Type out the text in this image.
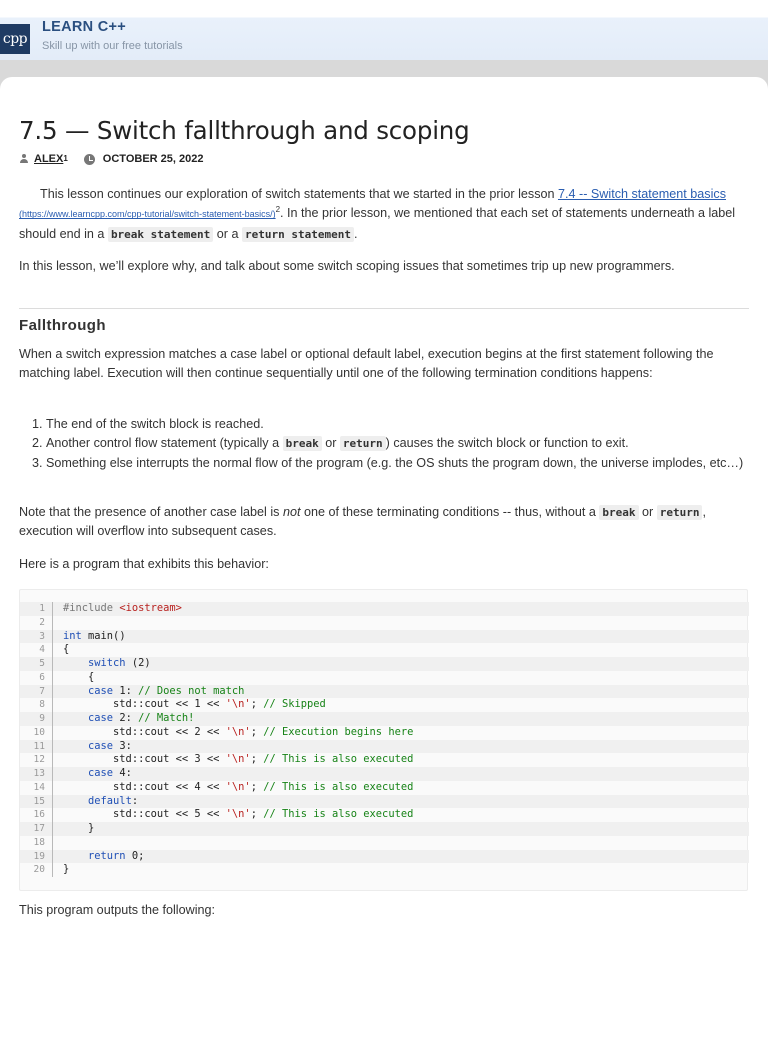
cpp
LEARN C++
Skill up with our free tutorials
7.5 — Switch fallthrough and scoping
ALEX 1	OCTOBER 25, 2022

This lesson continues our exploration of switch statements that we started in the prior lesson 7.4 -- Switch statement basics (https://www.learncpp.com/cpp-tutorial/switch-statement-basics/)$^2$. In the prior lesson, we mentioned that each set of statements underneath a label should end in a break statement or a return statement .

In this lesson, we’ll explore why, and talk about some switch scoping issues that sometimes trip up new programmers.

Fallthrough

When a switch expression matches a case label or optional default label, execution begins at the first statement following the matching label. Execution will then continue sequentially until one of the following termination conditions happens:

1. The end of the switch block is reached.
2. Another control flow statement (typically a break or return ) causes the switch block or function to exit.
3. Something else interrupts the normal flow of the program (e.g. the OS shuts the program down, the universe implodes, etc…)

Note that the presence of another case label is not one of these terminating conditions -- thus, without a break or return , execution will overflow into subsequent cases.

Here is a program that exhibits this behavior:

1 #include <iostream>
2
3 int main()
4 {
5	switch (2)
6	{
7	case 1: // Does not match
8	std::cout << 1 << '\n'; // Skipped
9	case 2: // Match!
10	std::cout << 2 << '\n'; // Execution begins here
11	case 3:
12	std::cout << 3 << '\n'; // This is also executed
13	case 4:
14	std::cout << 4 << '\n'; // This is also executed
15	default:
16	std::cout << 5 << '\n'; // This is also executed
17	}
18
19	return 0;
20 }

This program outputs the following:
